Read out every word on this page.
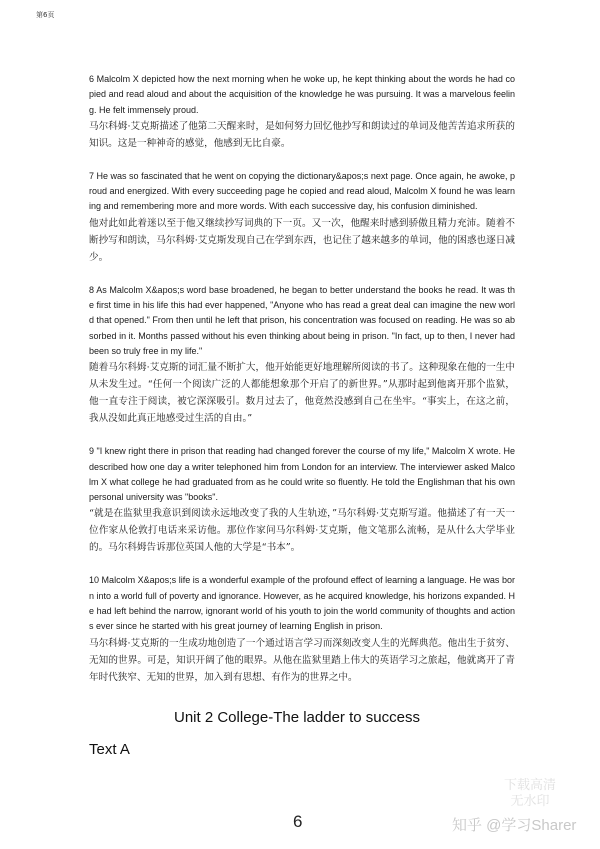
第6页

6 Malcolm X depicted how the next morning when he woke up, he kept thinking about the words he had copied and read aloud and about the acquisition of the knowledge he was pursuing. It was a marvelous feeling. He felt immensely proud.

马尔科姆·艾克斯描述了他第二天醒来时，是如何努力回忆他抄写和朗读过的单词及他苦苦追求所获的知识。这是一种神奇的感觉，他感到无比自豪。

7 He was so fascinated that he went on copying the dictionary&apos;s next page. Once again, he awoke, proud and energized. With every succeeding page he copied and read aloud, Malcolm X found he was learning and remembering more and more words. With each successive day, his confusion diminished.

他对此如此着迷以至于他又继续抄写词典的下一页。又一次，他醒来时感到骄傲且精力充沛。随着不断抄写和朗读，马尔科姆·艾克斯发现自己在学到东西，也记住了越来越多的单词，他的困惑也逐日减少。

8 As Malcolm X&apos;s word base broadened, he began to better understand the books he read. It was the first time in his life this had ever happened, "Anyone who has read a great deal can imagine the new world that opened." From then until he left that prison, his concentration was focused on reading. He was so absorbed in it. Months passed without his even thinking about being in prison. "In fact, up to then, I never had been so truly free in my life."

随着马尔科姆·艾克斯的词汇量不断扩大，他开始能更好地理解所阅读的书了。这种现象在他的一生中从未发生过。“任何一个阅读广泛的人都能想象那个开启了的新世界。”从那时起到他离开那个监狱，他一直专注于阅读，被它深深吸引。数月过去了，他竟然没感到自己在坐牢。“事实上，在这之前，我从没如此真正地感受过生活的自由。”

9 "I knew right there in prison that reading had changed forever the course of my life," Malcolm X wrote. He described how one day a writer telephoned him from London for an interview. The interviewer asked Malcolm X what college he had graduated from as he could write so fluently. He told the Englishman that his own personal university was "books".

“就是在监狱里我意识到阅读永远地改变了我的人生轨迹，”马尔科姆·艾克斯写道。他描述了有一天一位作家从伦敦打电话来采访他。那位作家问马尔科姆·艾克斯，他文笔那么流畅，是从什么大学毕业的。马尔科姆告诉那位英国人他的大学是“书本”。

10 Malcolm X&apos;s life is a wonderful example of the profound effect of learning a language. He was born into a world full of poverty and ignorance. However, as he acquired knowledge, his horizons expanded. He had left behind the narrow, ignorant world of his youth to join the world community of thoughts and actions ever since he started with his great journey of learning English in prison.

马尔科姆·艾克斯的一生成功地创造了一个通过语言学习而深刻改变人生的光辉典范。他出生于贫穷、无知的世界。可是，知识开阔了他的眼界。从他在监狱里踏上伟大的英语学习之旅起，他就离开了青年时代狭窄、无知的世界，加入到有思想、有作为的世界之中。

Unit 2 College-The ladder to success
Text A
下载高清无水印
6	知乎 @学习Sharer
